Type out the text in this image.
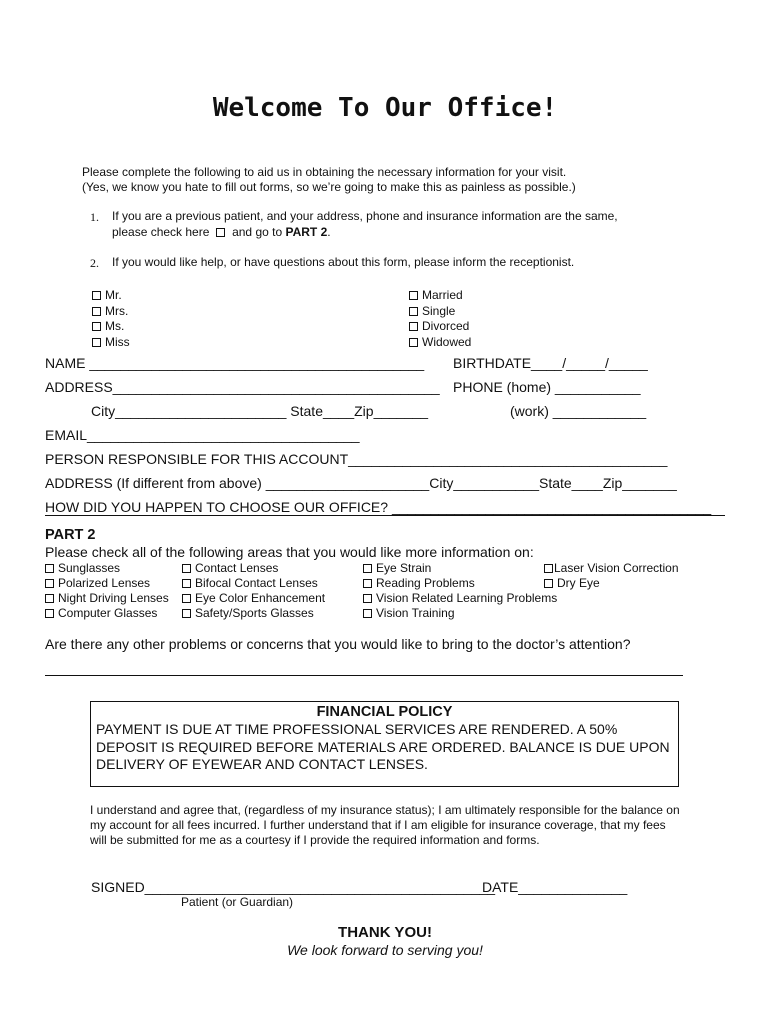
Welcome To Our Office!
Please complete the following to aid us in obtaining the necessary information for your visit.
(Yes, we know you hate to fill out forms, so we’re going to make this as painless as possible.)
1. If you are a previous patient, and your address, phone and insurance information are the same,
please check here  and go to PART 2.
2. If you would like help, or have questions about this form, please inform the receptionist.
Mr.
Mrs.
Ms.
Miss
Married
Single
Divorced
Widowed
NAME ___________________________________________ BIRTHDATE____/_____/_____
ADDRESS__________________________________________ PHONE (home) ___________
City______________________ State____Zip_______	(work) ____________
EMAIL___________________________________
PERSON RESPONSIBLE FOR THIS ACCOUNT_________________________________________
ADDRESS (If different from above) _____________________City___________State____Zip_______
HOW DID YOU HAPPEN TO CHOOSE OUR OFFICE? _________________________________________
PART 2
Please check all of the following areas that you would like more information on:
Sunglasses
Polarized Lenses
Night Driving Lenses
Computer Glasses
Contact Lenses
Bifocal Contact Lenses
Eye Color Enhancement
Safety/Sports Glasses
Eye Strain
Reading Problems
Vision Related Learning Problems
Vision Training
Laser Vision Correction
Dry Eye
Are there any other problems or concerns that you would like to bring to the doctor’s attention?
FINANCIAL POLICY
PAYMENT IS DUE AT TIME PROFESSIONAL SERVICES ARE RENDERED. A 50% DEPOSIT IS REQUIRED BEFORE MATERIALS ARE ORDERED. BALANCE IS DUE UPON DELIVERY OF EYEWEAR AND CONTACT LENSES.
I understand and agree that, (regardless of my insurance status); I am ultimately responsible for the balance on my account for all fees incurred. I further understand that if I am eligible for insurance coverage, that my fees will be submitted for me as a courtesy if I provide the required information and forms.
SIGNED_____________________________________________
DATE______________
Patient (or Guardian)
THANK YOU!
We look forward to serving you!
